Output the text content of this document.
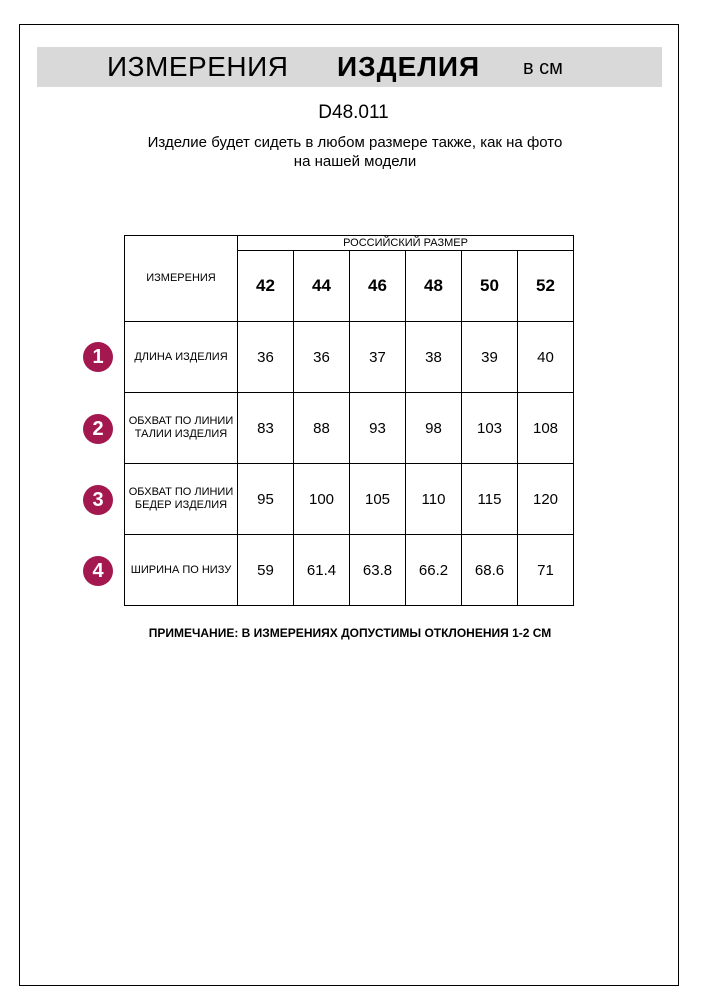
ИЗМЕРЕНИЯ ИЗДЕЛИЯ в см
D48.011
Изделие будет сидеть в любом размере также, как на фото
на нашей модели
ИЗМЕРЕНИЯ	РОССИЙСКИЙ РАЗМЕР					
	42	44	46	48	50	52
ДЛИНА ИЗДЕЛИЯ	36	36	37	38	39	40
ОБХВАТ ПО ЛИНИИ ТАЛИИ ИЗДЕЛИЯ	83	88	93	98	103	108
ОБХВАТ ПО ЛИНИИ БЕДЕР ИЗДЕЛИЯ	95	100	105	110	115	120
ШИРИНА ПО НИЗУ	59	61.4	63.8	66.2	68.6	71
1
2
3
4
ПРИМЕЧАНИЕ: В ИЗМЕРЕНИЯХ ДОПУСТИМЫ ОТКЛОНЕНИЯ 1-2 СМ
